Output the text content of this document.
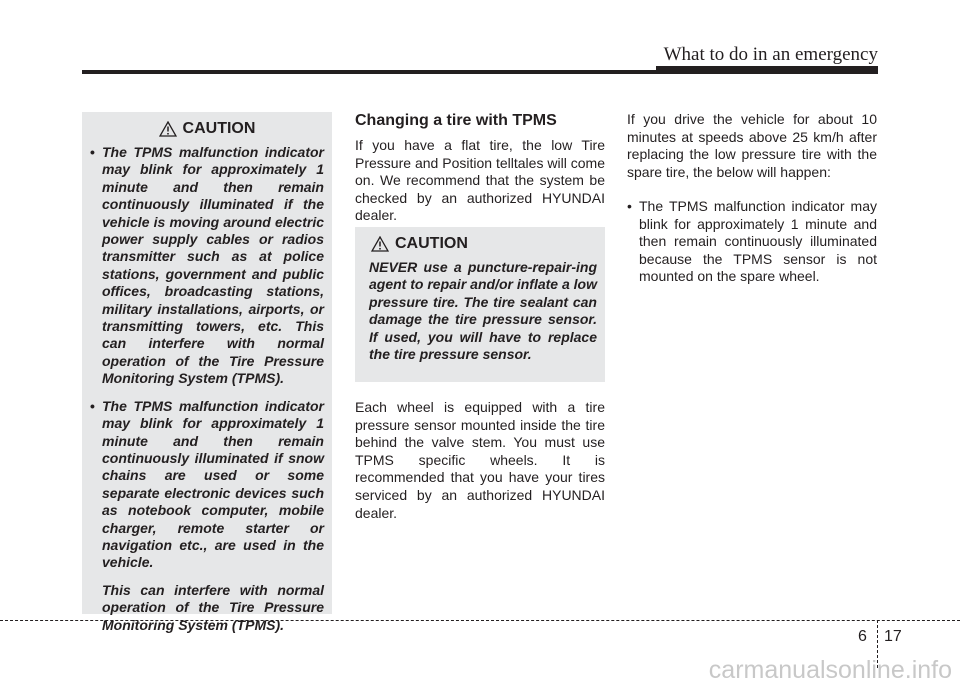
What to do in an emergency
CAUTION
• The TPMS malfunction indicator may blink for approximately 1 minute and then remain continuously illuminated if the vehicle is moving around electric power supply cables or radios transmitter such as at police stations, government and public offices, broadcasting stations, military installations, airports, or transmitting towers, etc. This can interfere with normal operation of the Tire Pressure Monitoring System (TPMS).
• The TPMS malfunction indicator may blink for approximately 1 minute and then remain continuously illuminated if snow chains are used or some separate electronic devices such as notebook computer, mobile charger, remote starter or navigation etc., are used in the vehicle.

This can interfere with normal operation of the Tire Pressure Monitoring System (TPMS).

Changing a tire with TPMS

If you have a flat tire, the low Tire Pressure and Position telltales will come on. We recommend that the system be checked by an authorized HYUNDAI dealer.

CAUTION

NEVER use a puncture-repair-ing agent to repair and/or inflate a low pressure tire. The tire sealant can damage the tire pressure sensor. If used, you will have to replace the tire pressure sensor.

Each wheel is equipped with a tire pressure sensor mounted inside the tire behind the valve stem. You must use TPMS specific wheels. It is recommended that you have your tires serviced by an authorized HYUNDAI dealer.

If you drive the vehicle for about 10 minutes at speeds above 25 km/h after replacing the low pressure tire with the spare tire, the below will happen:

• The TPMS malfunction indicator may blink for approximately 1 minute and then remain continuously illuminated because the TPMS sensor is not mounted on the spare wheel.
6 17
carmanualsonline.info
